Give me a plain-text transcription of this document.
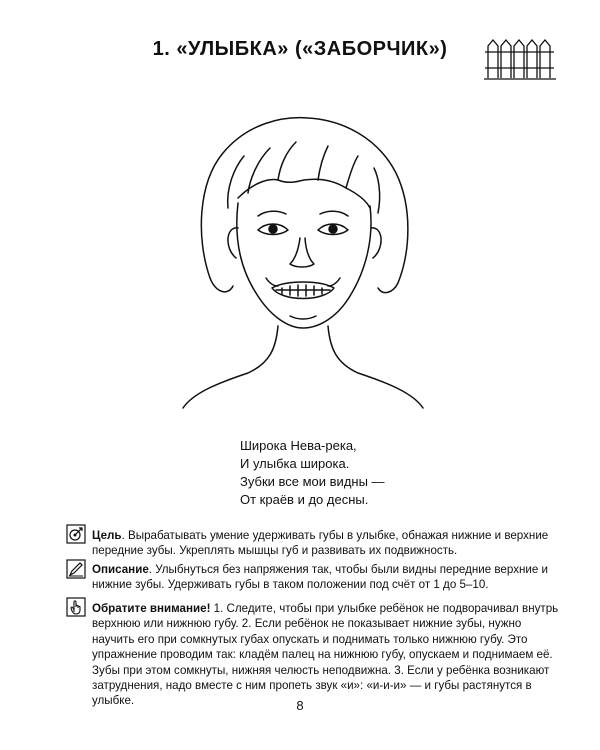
1. «УЛЫБКА» («ЗАБОРЧИК»)
Широка Нева-река,
И улыбка широка.
Зубки все мои видны —
От краёв и до десны.
Цель. Вырабатывать умение удерживать губы в улыбке, обнажая нижние и верхние передние зубы. Укреплять мышцы губ и развивать их подвижность.
Описание. Улыбнуться без напряжения так, чтобы были видны передние верхние и нижние зубы. Удерживать губы в таком положении под счёт от 1 до 5–10.
Обратите внимание! 1. Следите, чтобы при улыбке ребёнок не подворачивал внутрь верхнюю или нижнюю губу. 2. Если ребёнок не показывает нижние зубы, нужно научить его при сомкнутых губах опускать и поднимать только нижнюю губу. Это упражнение проводим так: кладём палец на нижнюю губу, опускаем и поднимаем её. Зубы при этом сомкнуты, нижняя челюсть неподвижна. 3. Если у ребёнка возникают затруднения, надо вместе с ним пропеть звук «и»: «и-и-и» — и губы растянутся в улыбке.	8
